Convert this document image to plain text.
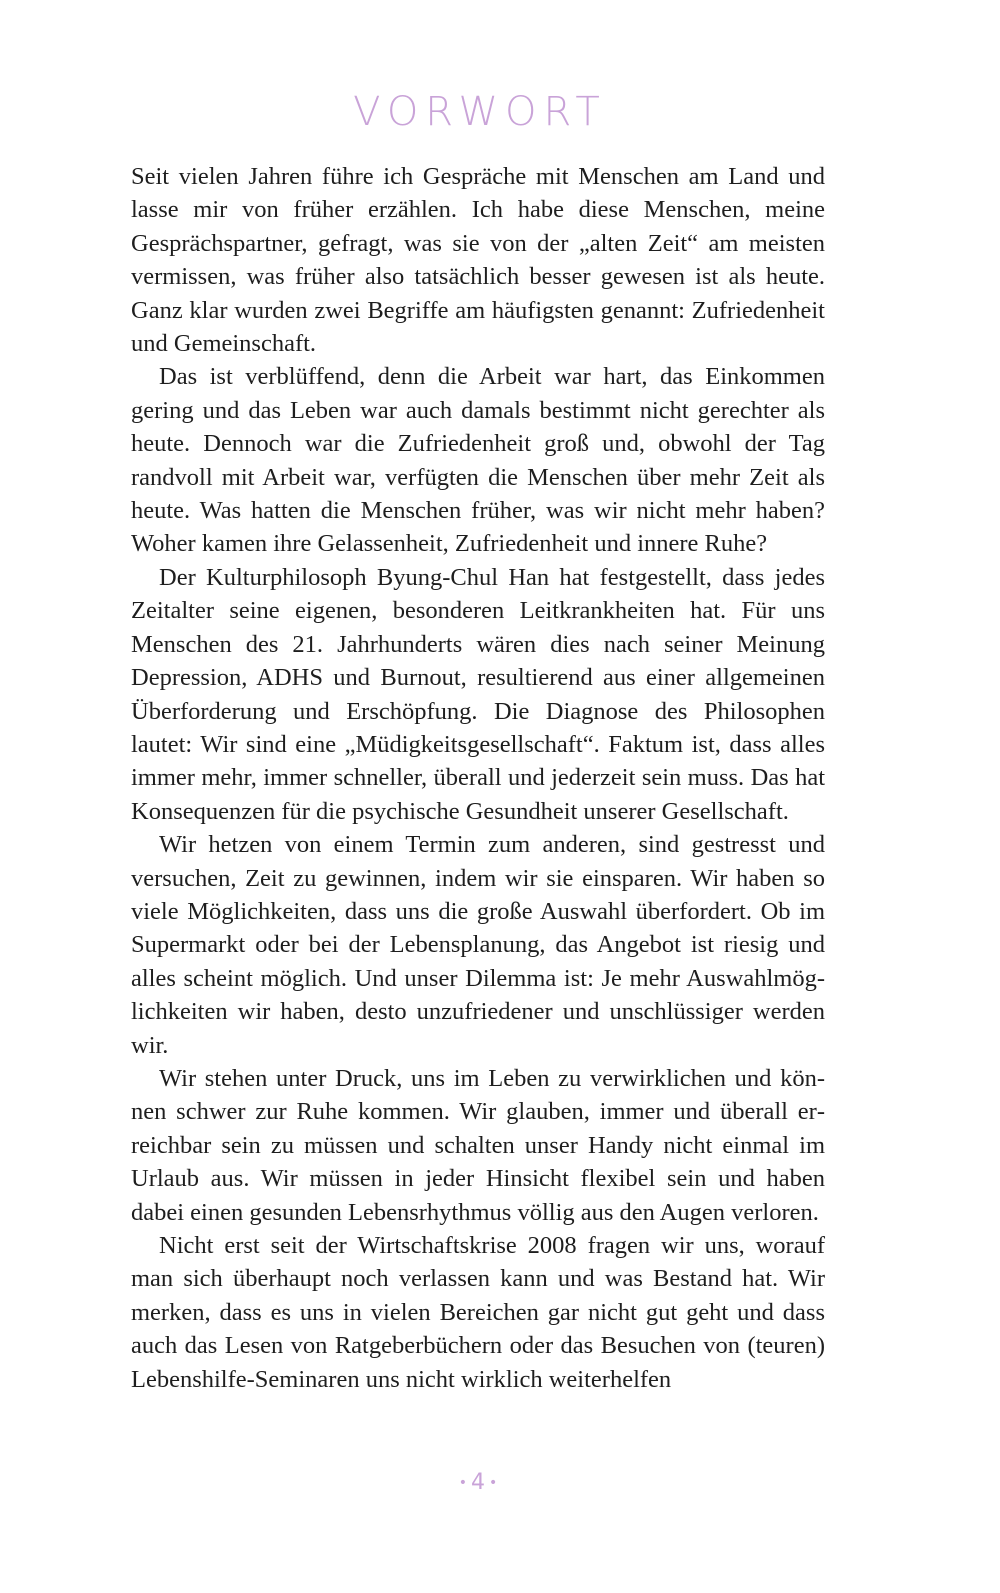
VORWORT

Seit vielen Jahren führe ich Gespräche mit Menschen am Land und lasse mir von früher erzählen. Ich habe diese Menschen, meine Gesprächspartner, gefragt, was sie von der „alten Zeit“ am meisten vermissen, was früher also tatsächlich besser gewesen ist als heute. Ganz klar wurden zwei Begriffe am häufigsten genannt: Zufriedenheit und Gemeinschaft.

Das ist verblüffend, denn die Arbeit war hart, das Einkommen gering und das Leben war auch damals bestimmt nicht gerechter als heute. Dennoch war die Zufriedenheit groß und, obwohl der Tag randvoll mit Arbeit war, verfügten die Menschen über mehr Zeit als heute. Was hatten die Menschen früher, was wir nicht mehr haben? Woher kamen ihre Gelassenheit, Zufriedenheit und innere Ruhe?

Der Kulturphilosoph Byung-Chul Han hat festgestellt, dass jedes Zeitalter seine eigenen, besonderen Leitkrankheiten hat. Für uns Menschen des 21. Jahrhunderts wären dies nach seiner Meinung Depression, ADHS und Burnout, resultierend aus einer allgemeinen Überforderung und Erschöpfung. Die Diagnose des Philosophen lautet: Wir sind eine „Müdigkeitsgesellschaft“. Faktum ist, dass alles immer mehr, immer schneller, überall und jederzeit sein muss. Das hat Konsequenzen für die psychische Gesundheit unserer Gesellschaft.

Wir hetzen von einem Termin zum anderen, sind gestresst und versuchen, Zeit zu gewinnen, indem wir sie einsparen. Wir haben so viele Möglichkeiten, dass uns die große Auswahl überfordert. Ob im Supermarkt oder bei der Lebensplanung, das Angebot ist riesig und alles scheint möglich. Und unser Dilemma ist: Je mehr Auswahlmöglichkeiten wir haben, desto unzufriedener und unschlüssiger werden wir.

Wir stehen unter Druck, uns im Leben zu verwirklichen und können schwer zur Ruhe kommen. Wir glauben, immer und überall erreichbar sein zu müssen und schalten unser Handy nicht einmal im Urlaub aus. Wir müssen in jeder Hinsicht flexibel sein und haben dabei einen gesunden Lebensrhythmus völlig aus den Augen verloren.

Nicht erst seit der Wirtschaftskrise 2008 fragen wir uns, worauf man sich überhaupt noch verlassen kann und was Bestand hat. Wir merken, dass es uns in vielen Bereichen gar nicht gut geht und dass auch das Lesen von Ratgeberbüchern oder das Besuchen von (teuren) Lebenshilfe-Seminaren uns nicht wirklich weiterhelfen

• 4 •
